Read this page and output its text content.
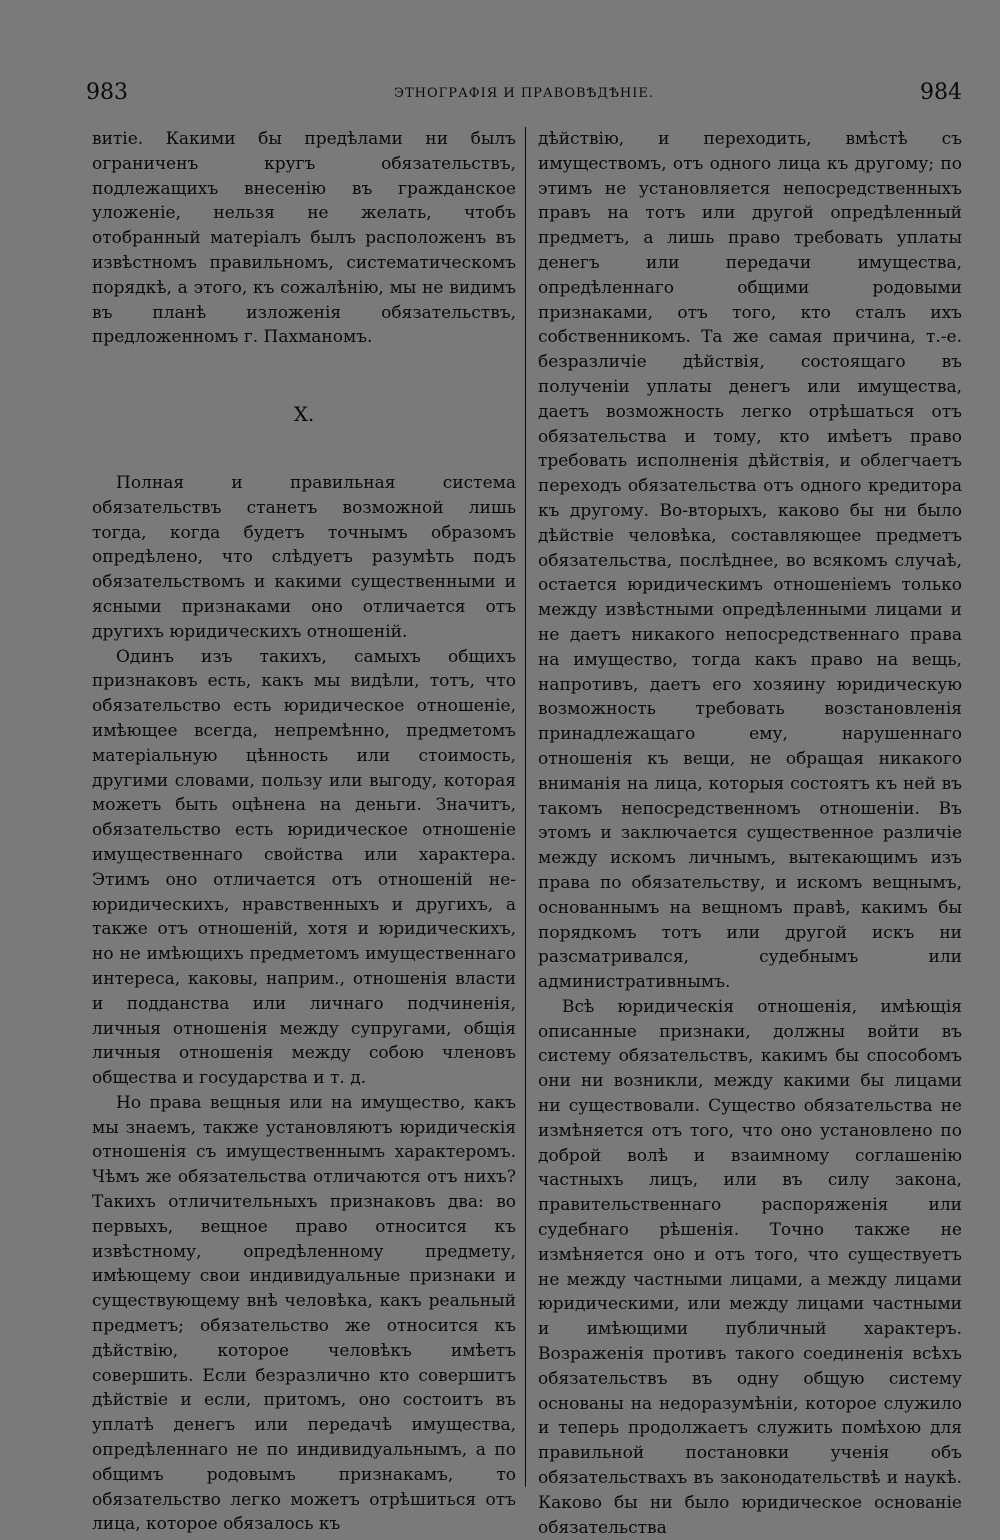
983	ЭТНОГРАФІЯ И ПРАВОВѢДѢНІЕ.	984

витіе. Какими бы предѣлами ни былъ ограниченъ кругъ обязательствъ, подлежащихъ внесенію въ гражданское уложеніе, нельзя не желать, чтобъ отобранный матеріалъ былъ расположенъ въ извѣстномъ правильномъ, систематическомъ порядкѣ, а этого, къ сожалѣнію, мы не видимъ въ планѣ изложенія обязательствъ, предложенномъ г. Пахманомъ.

X.

Полная и правильная система обязательствъ станетъ возможной лишь тогда, когда будетъ точнымъ образомъ опредѣлено, что слѣдуетъ разумѣть подъ обязательствомъ и какими существенными и ясными признаками оно отличается отъ другихъ юридическихъ отношеній.

Одинъ изъ такихъ, самыхъ общихъ признаковъ есть, какъ мы видѣли, тотъ, что обязательство есть юридическое отношеніе, имѣющее всегда, непремѣнно, предметомъ матеріальную цѣнность или стоимость, другими словами, пользу или выгоду, которая можетъ быть оцѣнена на деньги. Значитъ, обязательство есть юридическое отношеніе имущественнаго свойства или характера. Этимъ оно отличается отъ отношеній не-юридическихъ, нравственныхъ и другихъ, а также отъ отношеній, хотя и юридическихъ, но не имѣющихъ предметомъ имущественнаго интереса, каковы, наприм., отношенія власти и подданства или личнаго подчиненія, личныя отношенія между супругами, общія личныя отношенія между собою членовъ общества и государства и т. д.

Но права вещныя или на имущество, какъ мы знаемъ, также установляютъ юридическія отношенія съ имущественнымъ характеромъ. Чѣмъ же обязательства отличаются отъ нихъ? Такихъ отличительныхъ признаковъ два: во первыхъ, вещное право относится къ извѣстному, опредѣленному предмету, имѣющему свои индивидуальные признаки и существующему внѣ человѣка, какъ реальный предметъ; обязательство же относится къ дѣйствію, которое человѣкъ имѣетъ совершить. Если безразлично кто совершитъ дѣйствіе и если, притомъ, оно состоитъ въ уплатѣ денегъ или передачѣ имущества, опредѣленнаго не по индивидуальнымъ, а по общимъ родовымъ признакамъ, то обязательство легко можетъ отрѣшиться отъ лица, которое обязалось къ

дѣйствію, и переходить, вмѣстѣ съ имуществомъ, отъ одного лица къ другому; по этимъ не установляется непосредственныхъ правъ на тотъ или другой опредѣленный предметъ, а лишь право требовать уплаты денегъ или передачи имущества, опредѣленнаго общими родовыми признаками, отъ того, кто сталъ ихъ собственникомъ. Та же самая причина, т.-е. безразличіе дѣйствія, состоящаго въ полученіи уплаты денегъ или имущества, даетъ возможность легко отрѣшаться отъ обязательства и тому, кто имѣетъ право требовать исполненія дѣйствія, и облегчаетъ переходъ обязательства отъ одного кредитора къ другому. Во-вторыхъ, каково бы ни было дѣйствіе человѣка, составляющее предметъ обязательства, послѣднее, во всякомъ случаѣ, остается юридическимъ отношеніемъ только между извѣстными опредѣленными лицами и не даетъ никакого непосредственнаго права на имущество, тогда какъ право на вещь, напротивъ, даетъ его хозяину юридическую возможность требовать возстановленія принадлежащаго ему, нарушеннаго отношенія къ вещи, не обращая никакого вниманія на лица, которыя состоятъ къ ней въ такомъ непосредственномъ отношеніи. Въ этомъ и заключается существенное различіе между искомъ личнымъ, вытекающимъ изъ права по обязательству, и искомъ вещнымъ, основаннымъ на вещномъ правѣ, какимъ бы порядкомъ тотъ или другой искъ ни разсматривался, судебнымъ или административнымъ.

Всѣ юридическія отношенія, имѣющія описанные признаки, должны войти въ систему обязательствъ, какимъ бы способомъ они ни возникли, между какими бы лицами ни существовали. Существо обязательства не измѣняется отъ того, что оно установлено по доброй волѣ и взаимному соглашенію частныхъ лицъ, или въ силу закона, правительственнаго распоряженія или судебнаго рѣшенія. Точно также не измѣняется оно и отъ того, что существуетъ не между частными лицами, а между лицами юридическими, или между лицами частными и имѣющими публичный характеръ. Возраженія противъ такого соединенія всѣхъ обязательствъ въ одну общую систему основаны на недоразумѣніи, которое служило и теперь продолжаетъ служить помѣхою для правильной постановки ученія объ обязательствахъ въ законодательствѣ и наукѣ. Каково бы ни было юридическое основаніе обязательства
